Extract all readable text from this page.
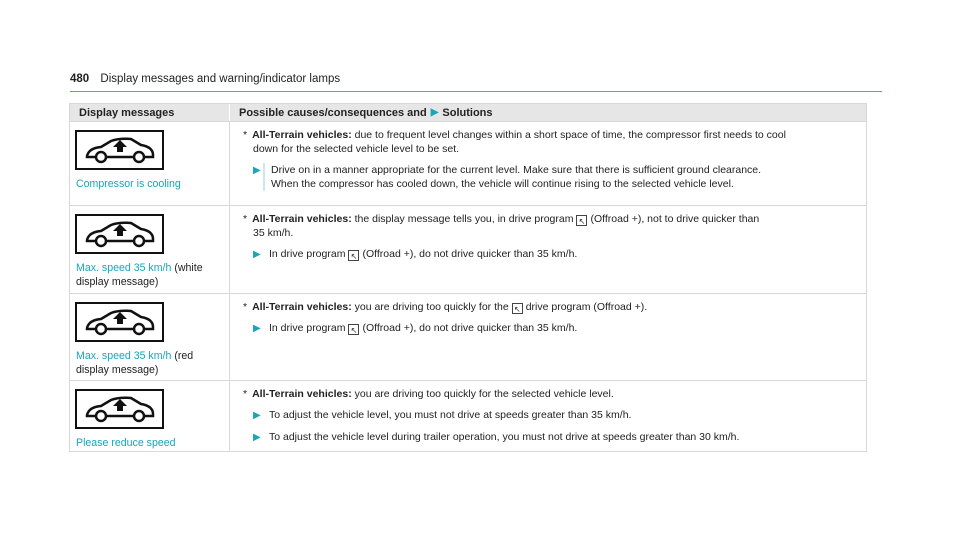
480 Display messages and warning/indicator lamps
Display messages	Possible causes/consequences and ▶ Solutions
Compressor is cooling
* All-Terrain vehicles: due to frequent level changes within a short space of time, the compressor first needs to cool
down for the selected vehicle level to be set.
▶ Drive on in a manner appropriate for the current level. Make sure that there is sufficient ground clearance.
When the compressor has cooled down, the vehicle will continue rising to the selected vehicle level.
Max. speed 35 km/h (white
display message)
* All-Terrain vehicles: the display message tells you, in drive program ↖ (Offroad +), not to drive quicker than
35 km/h.
▶ In drive program ↖ (Offroad +), do not drive quicker than 35 km/h.
Max. speed 35 km/h (red
display message)
* All-Terrain vehicles: you are driving too quickly for the ↖ drive program (Offroad +).
▶ In drive program ↖ (Offroad +), do not drive quicker than 35 km/h.
Please reduce speed
* All-Terrain vehicles: you are driving too quickly for the selected vehicle level.
▶ To adjust the vehicle level, you must not drive at speeds greater than 35 km/h.
▶ To adjust the vehicle level during trailer operation, you must not drive at speeds greater than 30 km/h.
